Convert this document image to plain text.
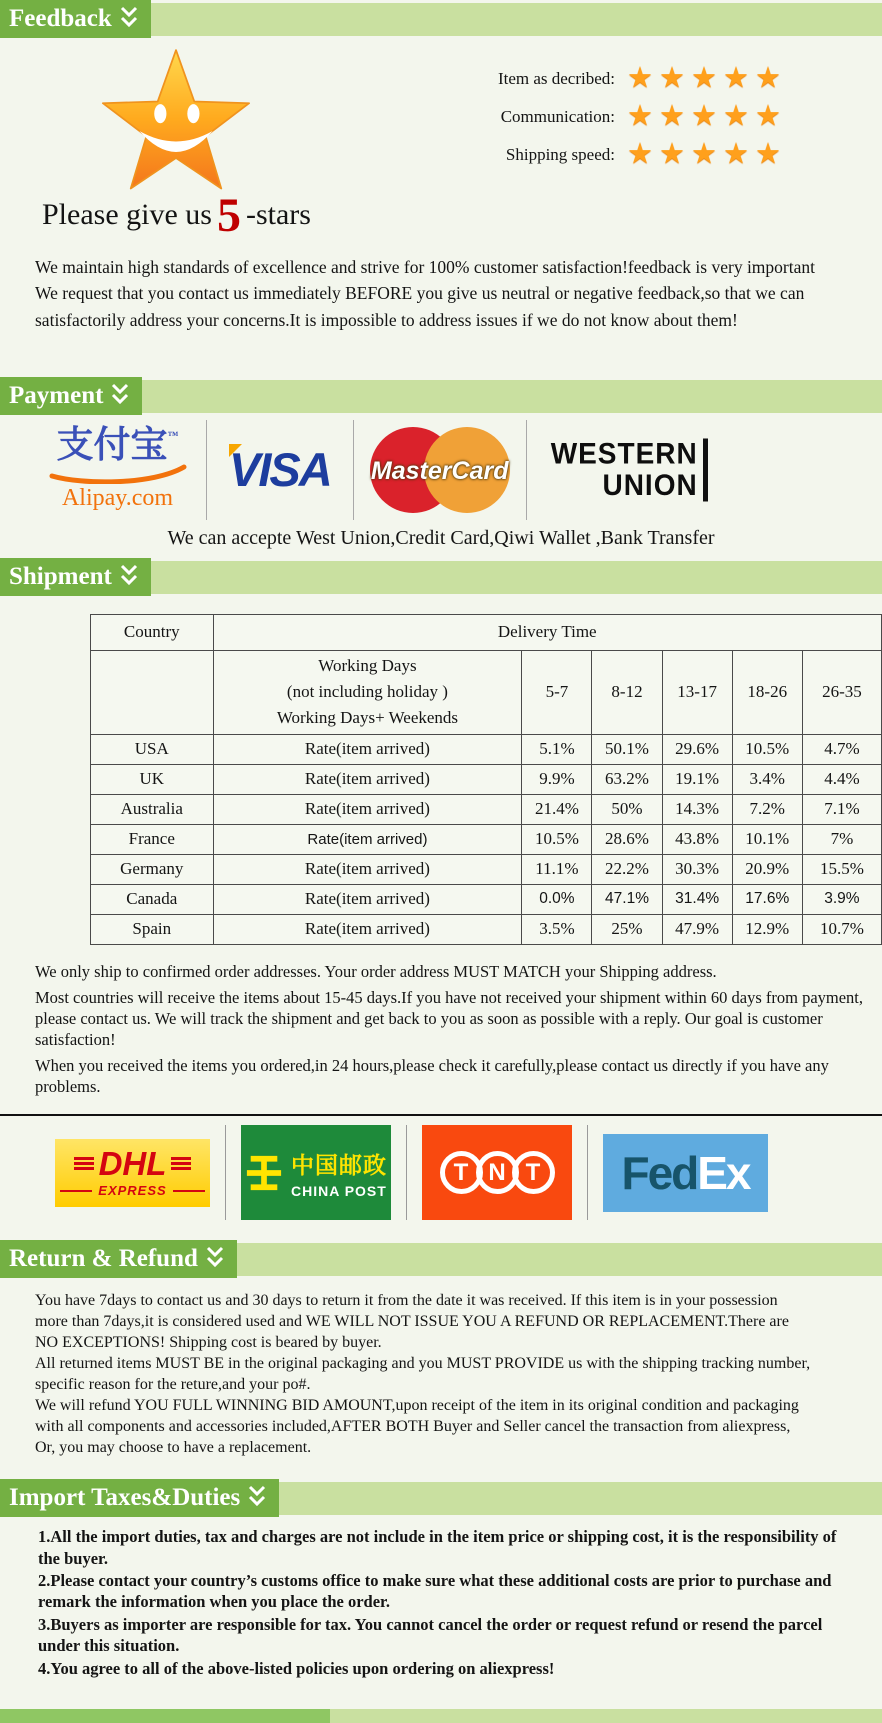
Feedback
Please give us 5 -stars
Item as decribed: ★★★★★
Communication: ★★★★★
Shipping speed: ★★★★★
We maintain high standards of excellence and strive for 100% customer satisfaction!feedback is very important
We request that you contact us immediately BEFORE you give us neutral or negative feedback,so that we can
satisfactorily address your concerns.It is impossible to address issues if we do not know about them!
Payment
支付宝™
Alipay.com
VISA MasterCard
WESTERN
UNION
We can accepte West Union,Credit Card,Qiwi Wallet ,Bank Transfer
Shipment
Country	Delivery Time					

	Working Days
(not including holiday )
Working Days+ Weekends	5-7	8-12	13-17	18-26	26-35
USA	Rate(item arrived)	5.1%	50.1%	29.6%	10.5%	4.7%
UK	Rate(item arrived)	9.9%	63.2%	19.1%	3.4%	4.4%
Australia	Rate(item arrived)	21.4%	50%	14.3%	7.2%	7.1%
France	Rate(item arrived)	10.5%	28.6%	43.8%	10.1%	7%
Germany	Rate(item arrived)	11.1%	22.2%	30.3%	20.9%	15.5%
Canada	Rate(item arrived)	0.0%	47.1%	31.4%	17.6%	3.9%
Spain	Rate(item arrived)	3.5%	25%	47.9%	12.9%	10.7%

We only ship to confirmed order addresses. Your order address MUST MATCH your Shipping address.

Most countries will receive the items about 15-45 days.If you have not received your shipment within 60 days from payment, please contact us. We will track the shipment and get back to you as soon as possible with a reply. Our goal is customer satisfaction!

When you received the items you ordered,in 24 hours,please check it carefully,please contact us directly if you have any problems.

DHL
EXPRESS
中国邮政
CHINA POST
T N T	Fed Ex
Return & Refund
You have 7days to contact us and 30 days to return it from the date it was received. If this item is in your possession
more than 7days,it is considered used and WE WILL NOT ISSUE YOU A REFUND OR REPLACEMENT.There are
NO EXCEPTIONS! Shipping cost is beared by buyer.
All returned items MUST BE in the original packaging and you MUST PROVIDE us with the shipping tracking number,
specific reason for the reture,and your po#.
We will refund YOU FULL WINNING BID AMOUNT,upon receipt of the item in its original condition and packaging
with all components and accessories included,AFTER BOTH Buyer and Seller cancel the transaction from aliexpress,
Or, you may choose to have a replacement.
Import Taxes&Duties
1.All the import duties, tax and charges are not include in the item price or shipping cost, it is the responsibility of the buyer.
2.Please contact your country’s customs office to make sure what these additional costs are prior to purchase and remark the information when you place the order.
3.Buyers as importer are responsible for tax. You cannot cancel the order or request refund or resend the parcel under this situation.
4.You agree to all of the above-listed policies upon ordering on aliexpress!
